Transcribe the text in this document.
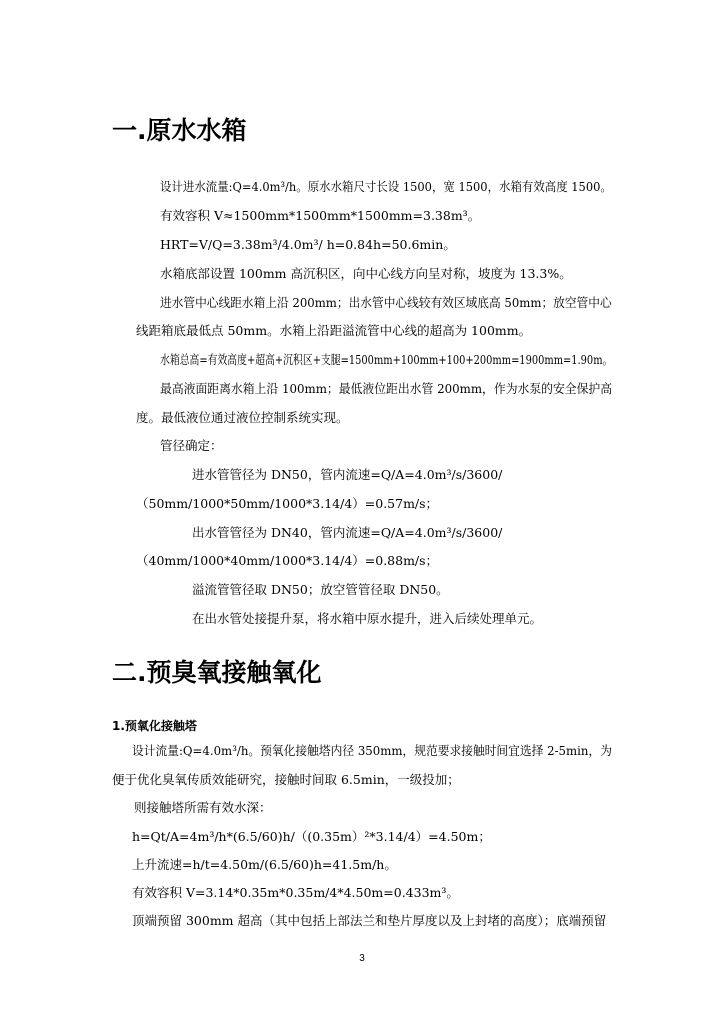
一.原水水箱
设计进水流量:Q=4.0m³/h。原水水箱尺寸长设 1500，宽 1500，水箱有效高度 1500。
有效容积 V≈1500mm*1500mm*1500mm=3.38m³。
HRT=V/Q=3.38m³/4.0m³/ h=0.84h=50.6min。
水箱底部设置 100mm 高沉积区，向中心线方向呈对称，坡度为 13.3%。
进水管中心线距水箱上沿 200mm；出水管中心线较有效区域底高 50mm；放空管中心
线距箱底最低点 50mm。水箱上沿距溢流管中心线的超高为 100mm。
水箱总高=有效高度+超高+沉积区+支腿=1500mm+100mm+100+200mm=1900mm=1.90m。
最高液面距离水箱上沿 100mm；最低液位距出水管 200mm，作为水泵的安全保护高
度。最低液位通过液位控制系统实现。
管径确定：
进水管管径为 DN50，管内流速=Q/A=4.0m³/s/3600/
（50mm/1000*50mm/1000*3.14/4）=0.57m/s；
出水管管径为 DN40，管内流速=Q/A=4.0m³/s/3600/
（40mm/1000*40mm/1000*3.14/4）=0.88m/s；
溢流管管径取 DN50；放空管管径取 DN50。
在出水管处接提升泵，将水箱中原水提升，进入后续处理单元。
二.预臭氧接触氧化
1.预氧化接触塔
设计流量:Q=4.0m³/h。预氧化接触塔内径 350mm，规范要求接触时间宜选择 2-5min，为
便于优化臭氧传质效能研究，接触时间取 6.5min，一级投加；
则接触塔所需有效水深：
h=Qt/A=4m³/h*(6.5/60)h/（(0.35m）²*3.14/4）=4.50m；
上升流速=h/t=4.50m/(6.5/60)h=41.5m/h。
有效容积 V=3.14*0.35m*0.35m/4*4.50m=0.433m³。
顶端预留 300mm 超高（其中包括上部法兰和垫片厚度以及上封堵的高度）；底端预留
3
